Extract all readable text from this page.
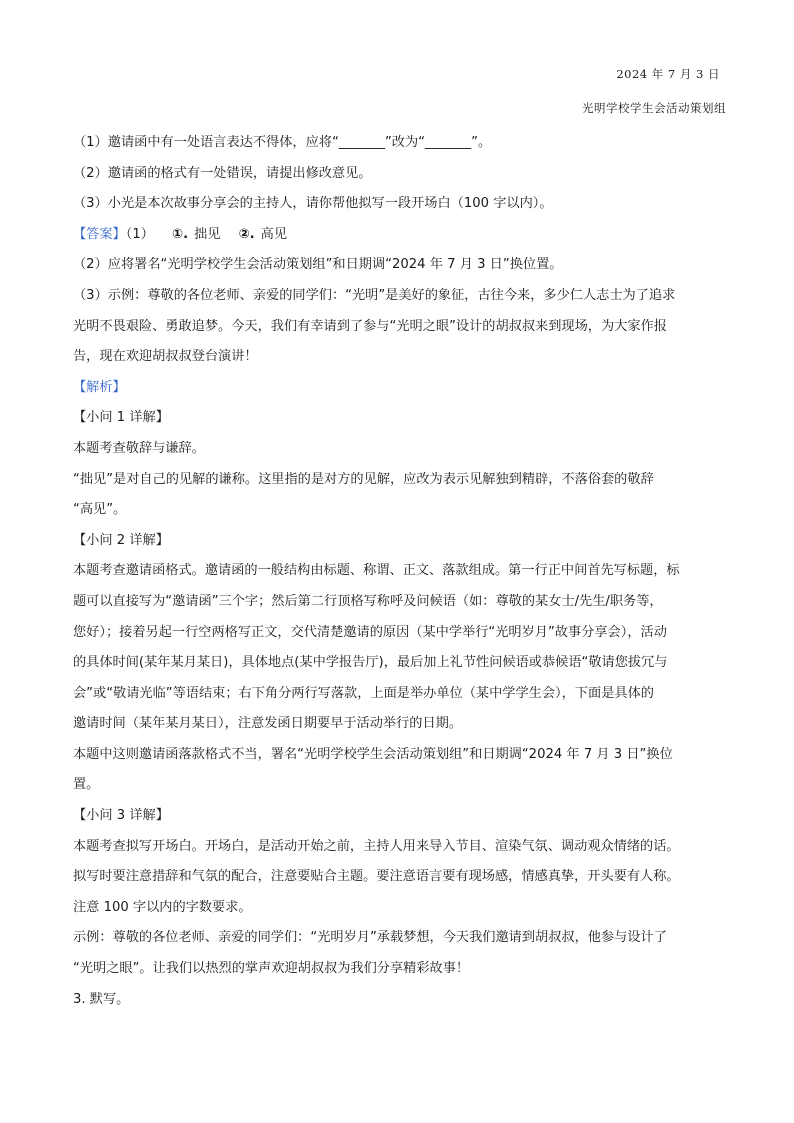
2024 年 7 月 3 日
光明学校学生会活动策划组

（1）邀请函中有一处语言表达不得体，应将“_______”改为“_______”。

（2）邀请函的格式有一处错误，请提出修改意见。

（3）小光是本次故事分享会的主持人，请你帮他拟写一段开场白（100 字以内）。

【答案】（1） ①. 拙见 ②. 高见

（2）应将署名“光明学校学生会活动策划组”和日期调“2024 年 7 月 3 日”换位置。

（3）示例：尊敬的各位老师、亲爱的同学们：“光明”是美好的象征，古往今来，多少仁人志士为了追求

光明不畏艰险、勇敢追梦。今天，我们有幸请到了参与“光明之眼”设计的胡叔叔来到现场，为大家作报

告，现在欢迎胡叔叔登台演讲！

【解析】

【小问 1 详解】

本题考查敬辞与谦辞。

“拙见”是对自己的见解的谦称。这里指的是对方的见解，应改为表示见解独到精辟，不落俗套的敬辞

“高见”。

【小问 2 详解】

本题考查邀请函格式。邀请函的一般结构由标题、称谓、正文、落款组成。第一行正中间首先写标题，标

题可以直接写为“邀请函”三个字；然后第二行顶格写称呼及问候语（如：尊敬的某女士/先生/职务等，

您好）；接着另起一行空两格写正文，交代清楚邀请的原因（某中学举行“光明岁月”故事分享会），活动

的具体时间(某年某月某日)，具体地点(某中学报告厅)，最后加上礼节性问候语或恭候语“敬请您拔冗与

会”或“敬请光临”等语结束；右下角分两行写落款，上面是举办单位（某中学学生会），下面是具体的

邀请时间（某年某月某日），注意发函日期要早于活动举行的日期。

本题中这则邀请函落款格式不当，署名“光明学校学生会活动策划组”和日期调“2024 年 7 月 3 日”换位

置。

【小问 3 详解】

本题考查拟写开场白。开场白，是活动开始之前，主持人用来导入节目、渲染气氛、调动观众情绪的话。

拟写时要注意措辞和气氛的配合，注意要贴合主题。要注意语言要有现场感，情感真挚，开头要有人称。

注意 100 字以内的字数要求。

示例：尊敬的各位老师、亲爱的同学们：“光明岁月”承载梦想，今天我们邀请到胡叔叔，他参与设计了

“光明之眼”。让我们以热烈的掌声欢迎胡叔叔为我们分享精彩故事！

3. 默写。
